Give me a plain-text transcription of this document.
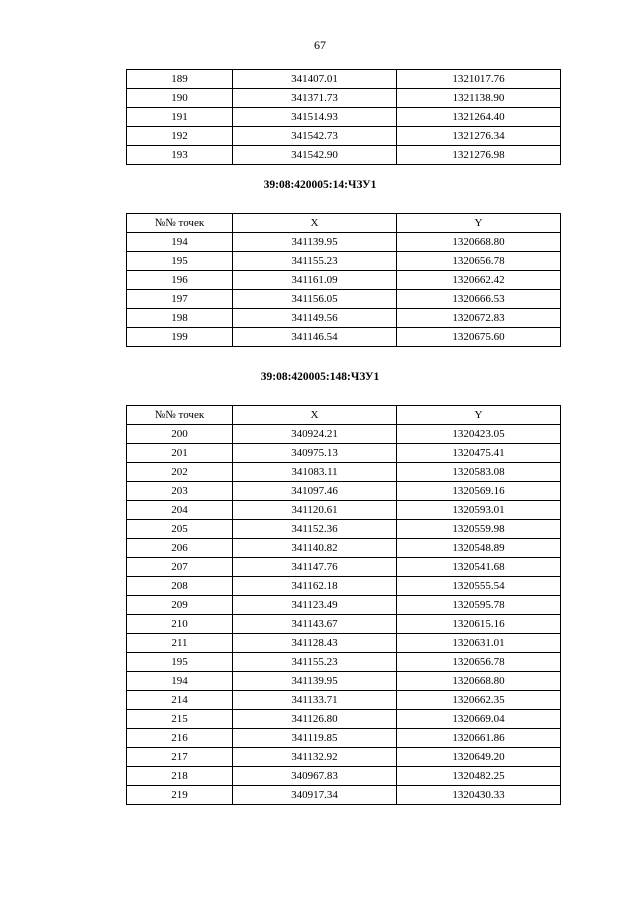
67
189	341407.01	1321017.76
190	341371.73	1321138.90
191	341514.93	1321264.40
192	341542.73	1321276.34
193	341542.90	1321276.98
39:08:420005:14:ЧЗУ1
№№ точек	X	Y
194	341139.95	1320668.80
195	341155.23	1320656.78
196	341161.09	1320662.42
197	341156.05	1320666.53
198	341149.56	1320672.83
199	341146.54	1320675.60
39:08:420005:148:ЧЗУ1
№№ точек	X	Y
200	340924.21	1320423.05
201	340975.13	1320475.41
202	341083.11	1320583.08
203	341097.46	1320569.16
204	341120.61	1320593.01
205	341152.36	1320559.98
206	341140.82	1320548.89
207	341147.76	1320541.68
208	341162.18	1320555.54
209	341123.49	1320595.78
210	341143.67	1320615.16
211	341128.43	1320631.01
195	341155.23	1320656.78
194	341139.95	1320668.80
214	341133.71	1320662.35
215	341126.80	1320669.04
216	341119.85	1320661.86
217	341132.92	1320649.20
218	340967.83	1320482.25
219	340917.34	1320430.33
